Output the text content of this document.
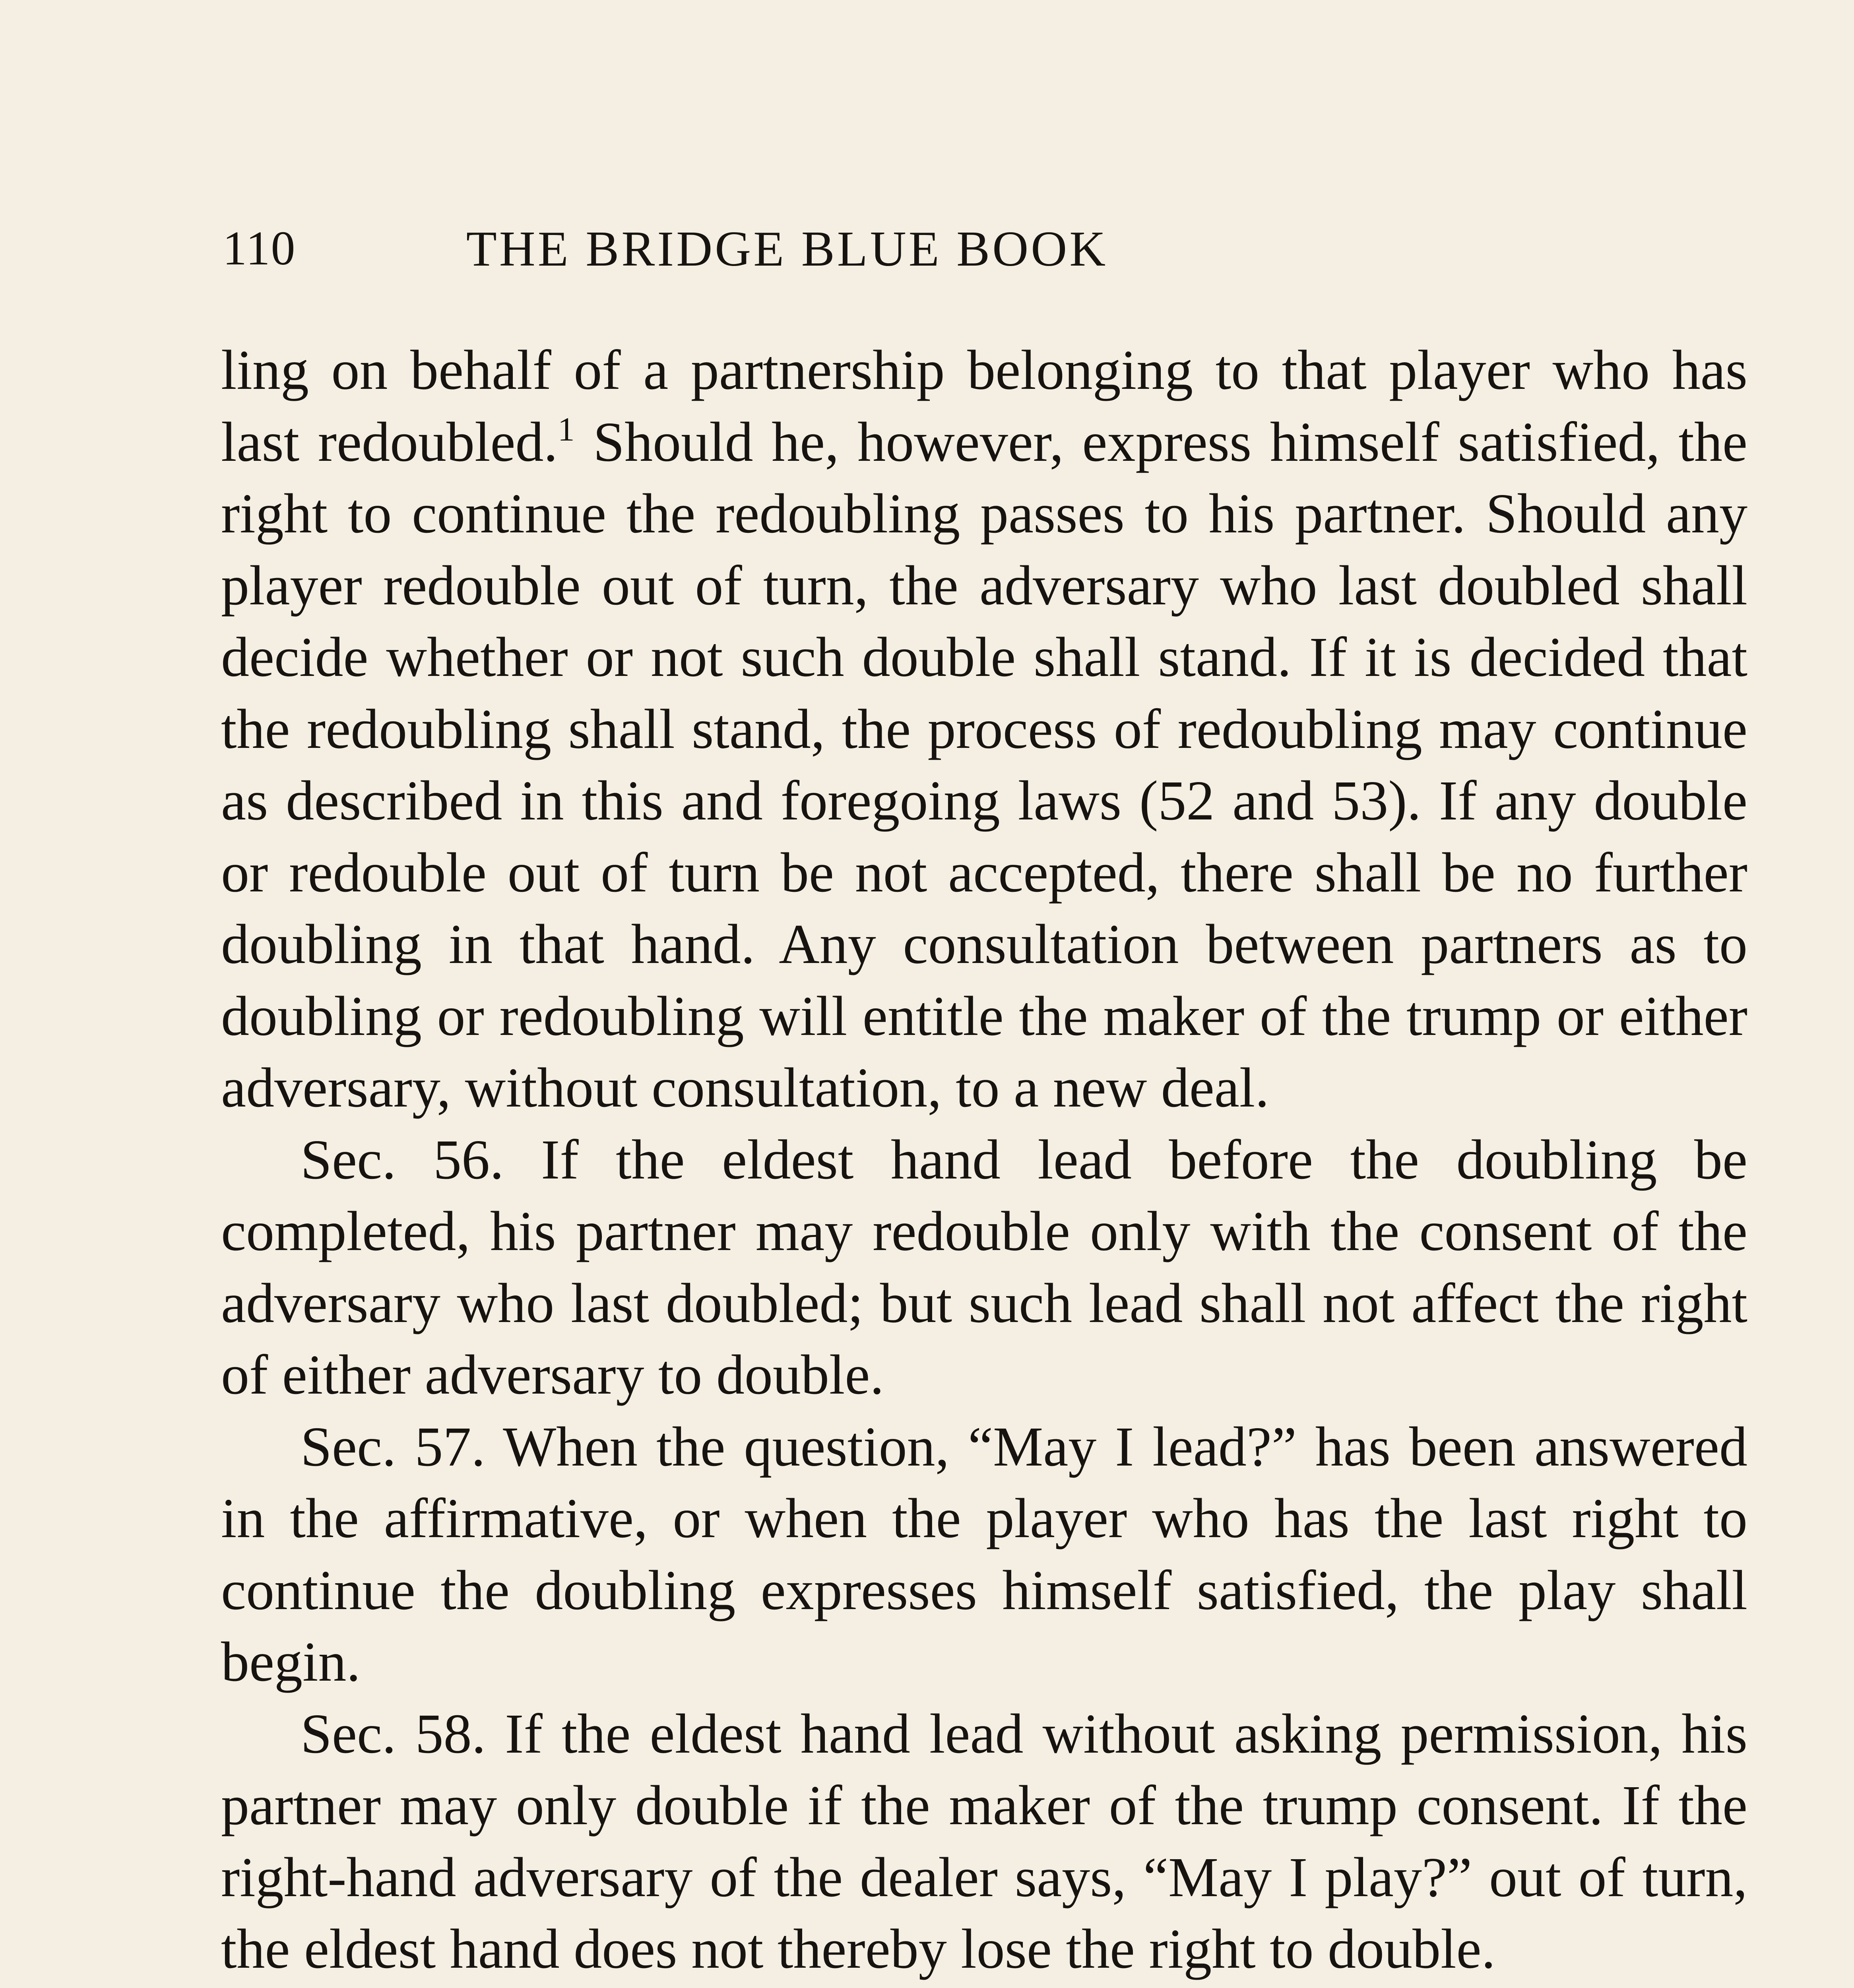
110	THE BRIDGE BLUE BOOK

ling on behalf of a partnership belonging to that player who has last redoubled.$^1$ Should he, however, express himself satisfied, the right to continue the redoubling passes to his partner. Should any player redouble out of turn, the adversary who last doubled shall decide whether or not such double shall stand. If it is decided that the redoubling shall stand, the process of redoubling may continue as described in this and foregoing laws (52 and 53). If any double or redouble out of turn be not accepted, there shall be no further doubling in that hand. Any consultation between partners as to doubling or redoubling will entitle the maker of the trump or either adversary, without consultation, to a new deal.

Sec. 56. If the eldest hand lead before the doubling be completed, his partner may redouble only with the consent of the adversary who last doubled; but such lead shall not affect the right of either adversary to double.

Sec. 57. When the question, “May I lead?” has been answered in the affirmative, or when the player who has the last right to continue the doubling expresses himself satisfied, the play shall begin.

Sec. 58. If the eldest hand lead without asking permission, his partner may only double if the maker of the trump consent. If the right-hand adversary of the dealer says, “May I play?” out of turn, the eldest hand does not thereby lose the right to double.
